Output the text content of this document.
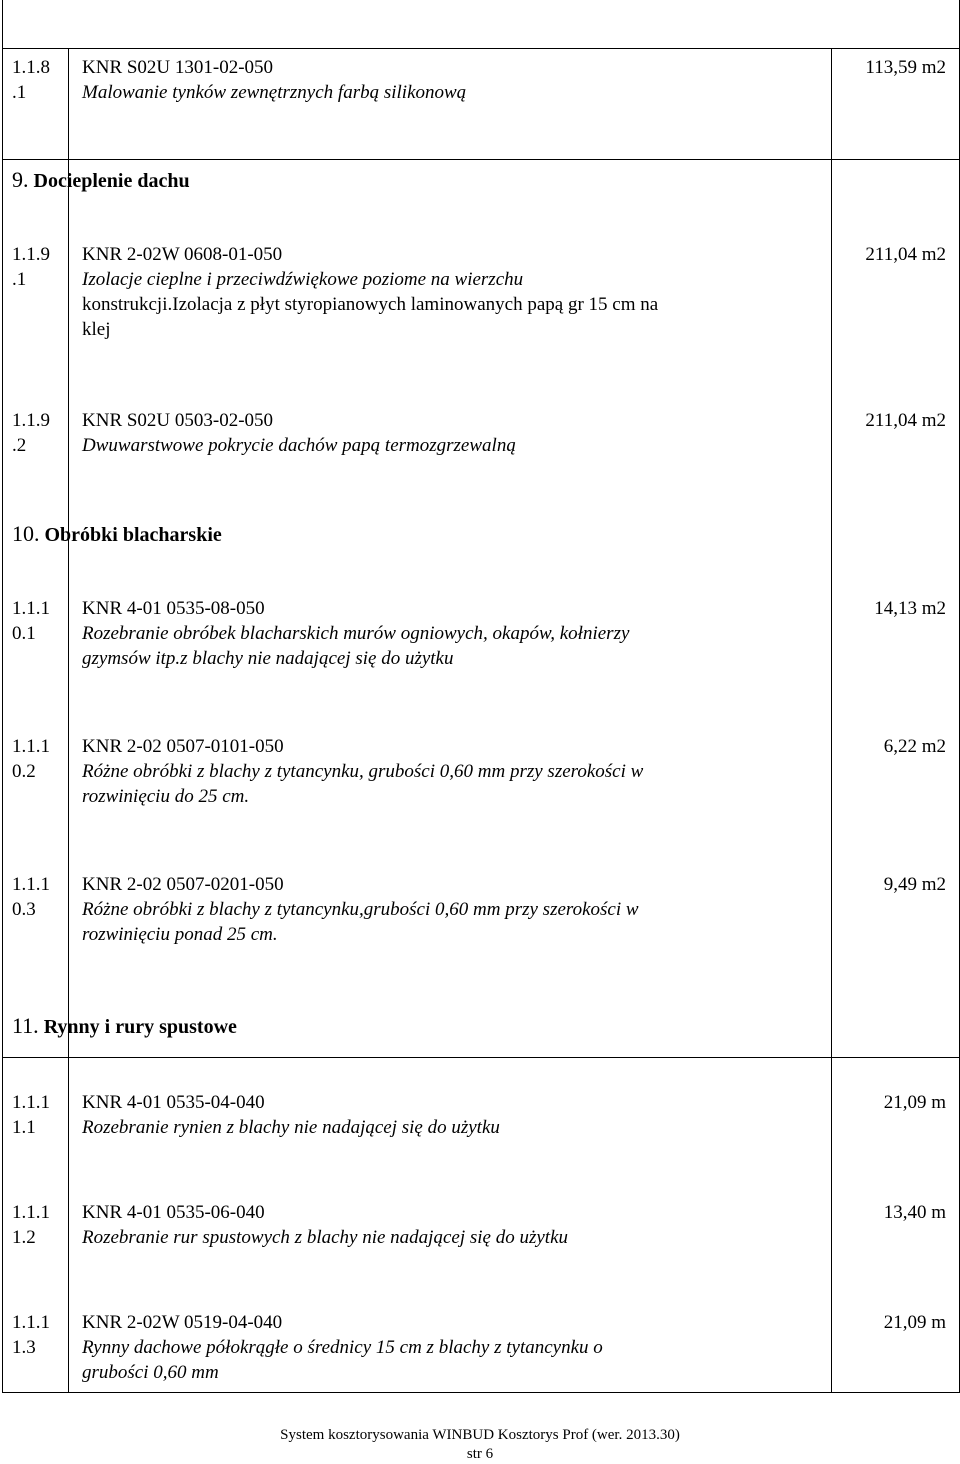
1.1.8
.1
KNR S02U 1301-02-050
Malowanie tynków zewnętrznych farbą silikonową
113,59 m2
9. Docieplenie dachu
1.1.9
.1
KNR 2-02W 0608-01-050
Izolacje cieplne i przeciwdźwiękowe poziome na wierzchu
konstrukcji.Izolacja z płyt styropianowych laminowanych papą gr 15 cm na
klej
211,04 m2
1.1.9
.2
KNR S02U 0503-02-050
Dwuwarstwowe pokrycie dachów papą termozgrzewalną
211,04 m2
10. Obróbki blacharskie
1.1.1
0.1
KNR 4-01 0535-08-050
Rozebranie obróbek blacharskich murów ogniowych, okapów, kołnierzy
gzymsów itp.z blachy nie nadającej się do użytku
14,13 m2
1.1.1
0.2
KNR 2-02 0507-0101-050
Różne obróbki z blachy z tytancynku, grubości 0,60 mm przy szerokości w
rozwinięciu do 25 cm.
6,22 m2
1.1.1
0.3
KNR 2-02 0507-0201-050
Różne obróbki z blachy z tytancynku,grubości 0,60 mm przy szerokości w
rozwinięciu ponad 25 cm.
9,49 m2
11. Rynny i rury spustowe
1.1.1
1.1
KNR 4-01 0535-04-040
Rozebranie rynien z blachy nie nadającej się do użytku
21,09 m
1.1.1
1.2
KNR 4-01 0535-06-040
Rozebranie rur spustowych z blachy nie nadającej się do użytku
13,40 m
1.1.1
1.3
KNR 2-02W 0519-04-040
Rynny dachowe półokrągłe o średnicy 15 cm z blachy z tytancynku o
grubości 0,60 mm
21,09 m
System kosztorysowania WINBUD Kosztorys Prof (wer. 2013.30)
str 6
